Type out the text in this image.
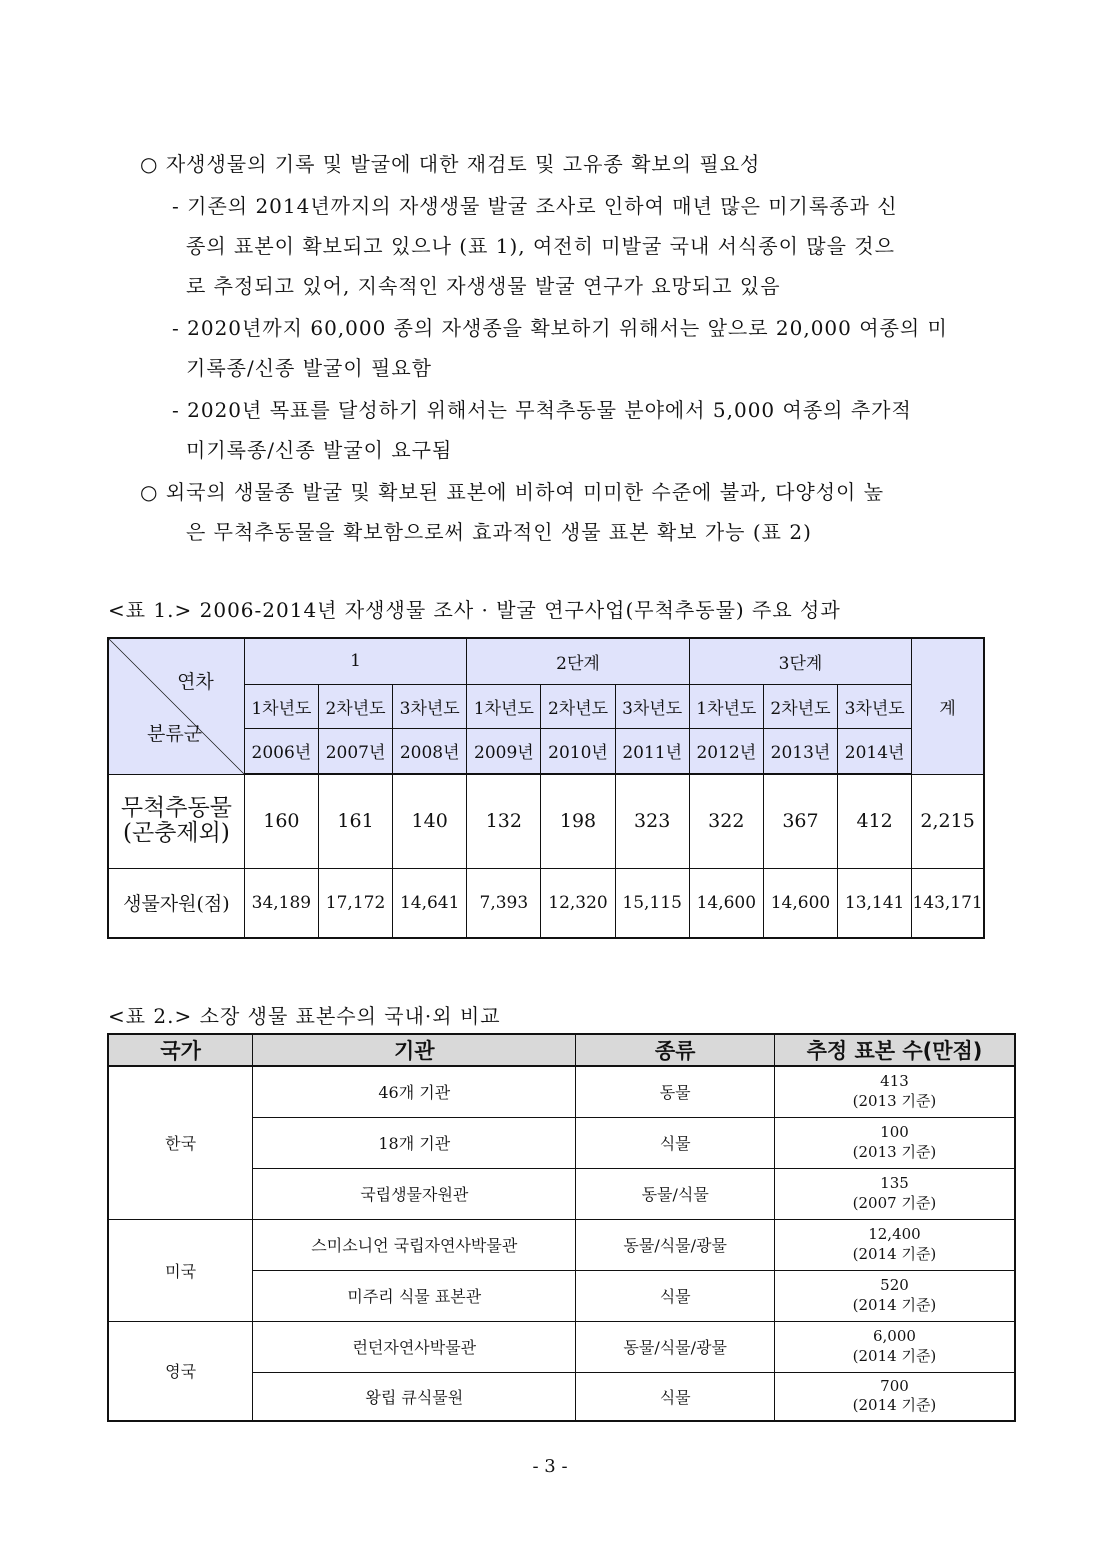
○ 자생생물의 기록 및 발굴에 대한 재검토 및 고유종 확보의 필요성
- 기존의 2014년까지의 자생생물 발굴 조사로 인하여 매년 많은 미기록종과 신
종의 표본이 확보되고 있으나 (표 1), 여전히 미발굴 국내 서식종이 많을 것으
로 추정되고 있어, 지속적인 자생생물 발굴 연구가 요망되고 있음
- 2020년까지 60,000 종의 자생종을 확보하기 위해서는 앞으로 20,000 여종의 미
기록종/신종 발굴이 필요함
- 2020년 목표를 달성하기 위해서는 무척추동물 분야에서 5,000 여종의 추가적
미기록종/신종 발굴이 요구됨
○ 외국의 생물종 발굴 및 확보된 표본에 비하여 미미한 수준에 불과, 다양성이 높
은 무척추동물을 확보함으로써 효과적인 생물 표본 확보 가능 (표 2)
<표 1.> 2006-2014년 자생생물 조사 · 발굴 연구사업(무척추동물) 주요 성과
연차
분류군	1			2단계			3단계			계
	1차년도	2차년도	3차년도	1차년도	2차년도	3차년도	1차년도	2차년도	3차년도	
	2006년	2007년	2008년	2009년	2010년	2011년	2012년	2013년	2014년	

무척추동물
(곤충제외)	160	161	140	132	198	323	322	367	412	2,215
생물자원(점)	34,189	17,172	14,641	7,393	12,320	15,115	14,600	14,600	13,141	143,171
<표 2.> 소장 생물 표본수의 국내·외 비교
국가	기관	종류	추정 표본 수(만점)
한국	46개 기관	동물	413
(2013 기준)

	18개 기관	식물	100
(2013 기준)

	국립생물자원관	동물/식물	135
(2007 기준)

미국	스미소니언 국립자연사박물관	동물/식물/광물	12,400
(2014 기준)

	미주리 식물 표본관	식물	520
(2014 기준)

영국	런던자연사박물관	동물/식물/광물	6,000
(2014 기준)

	왕립 큐식물원	식물	700
(2014 기준)
- 3 -
